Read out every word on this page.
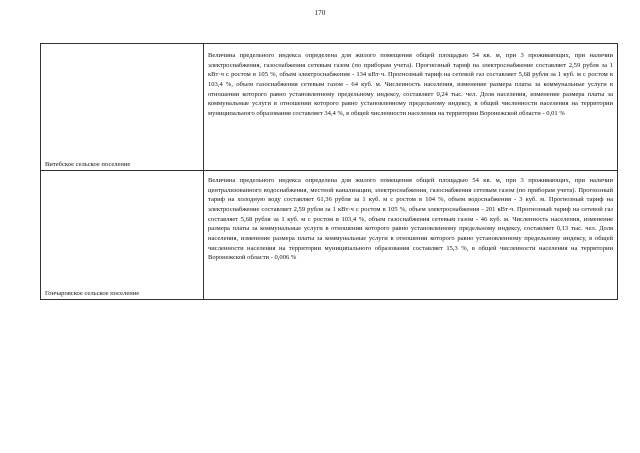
170
Витебское сельское поселение	Величина предельного индекса определена для жилого помещения общей площадью 54 кв. м, при 3 проживающих, при наличии электроснабжения, газоснабжения сетевым газом (по приборам учета). Прогнозный тариф на электроснабжение составляет 2,59 рубля за 1 кВт·ч с ростом в 105 %, объем электроснабжения - 134 кВт·ч. Прогнозный тариф на сетевой газ составляет 5,68 рубля за 1 куб. м с ростом в 103,4 %, объем газоснабжения сетевым газом - 64 куб. м. Численность населения, изменение размера платы за коммунальные услуги в отношении которого равно установленному предельному индексу, составляет 0,24 тыс. чел. Доля населения, изменение размера платы за коммунальные услуги в отношении которого равно установленному предельному индексу, в общей численности населения на территории муниципального образования составляет 34,4 %, в общей численности населения на территории Воронежской области - 0,01 %
Гончаровское сельское поселение	Величина предельного индекса определена для жилого помещения общей площадью 54 кв. м, при 3 проживающих, при наличии централизованного водоснабжения, местной канализации, электроснабжения, газоснабжения сетевым газом (по приборам учета). Прогнозный тариф на холодную воду составляет 61,36 рубля за 1 куб. м с ростом в 104 %, объем водоснабжения - 3 куб. м. Прогнозный тариф на электроснабжение составляет 2,59 рубля за 1 кВт·ч с ростом в 105 %, объем электроснабжения - 201 кВт·ч. Прогнозный тариф на сетевой газ составляет 5,68 рубля за 1 куб. м с ростом в 103,4 %, объем газоснабжения сетевым газом - 46 куб. м. Численность населения, изменение размера платы за коммунальные услуги в отношении которого равно установленному предельному индексу, составляет 0,13 тыс. чел. Доля населения, изменение размера платы за коммунальные услуги в отношении которого равно установленному предельному индексу, в общей численности населения на территории муниципального образования составляет 15,3 %, в общей численности населения на территории Воронежской области - 0,006 %
